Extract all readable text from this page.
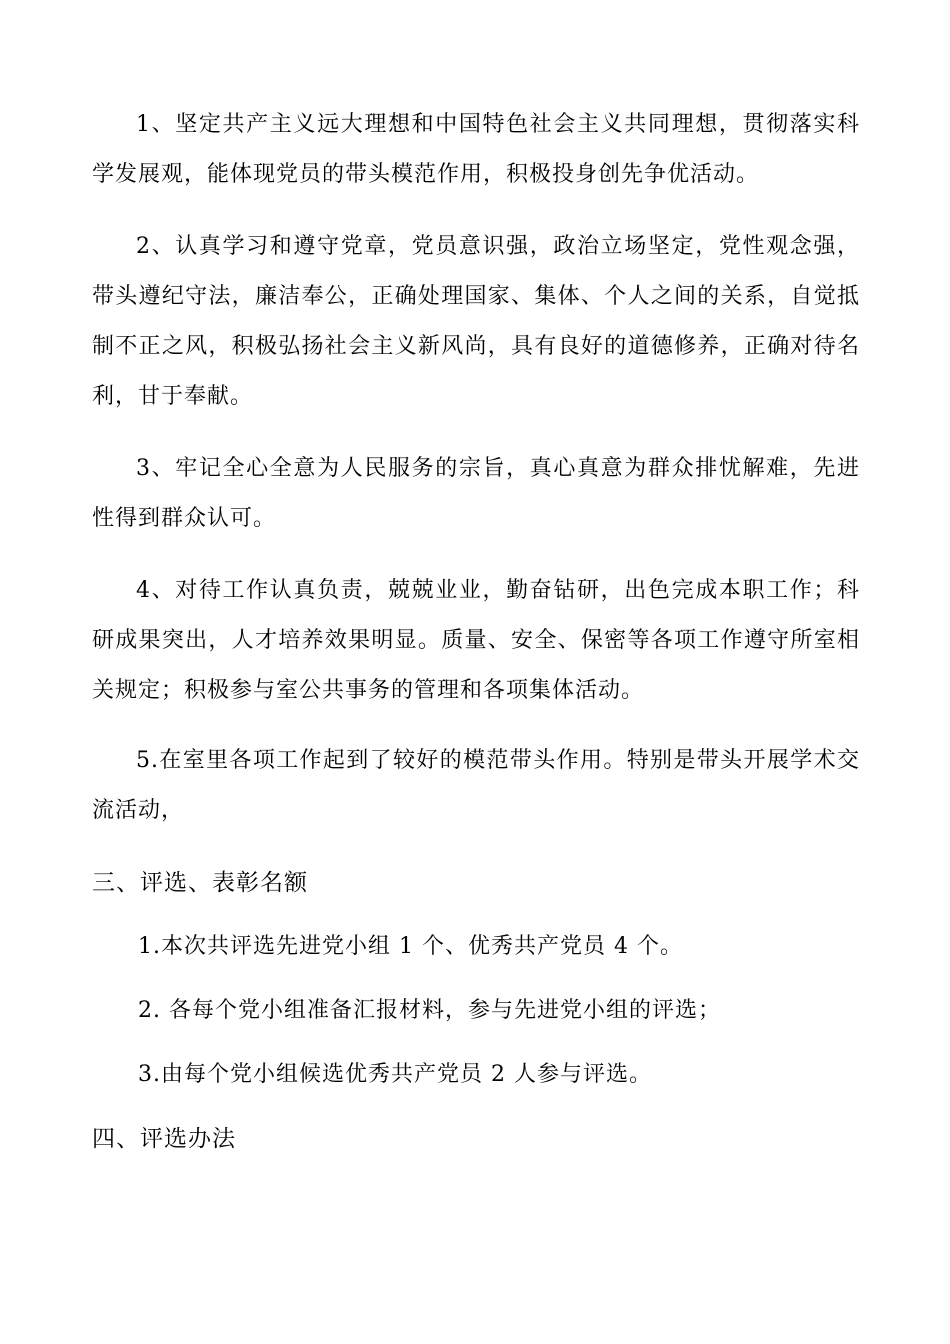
1、坚定共产主义远大理想和中国特色社会主义共同理想，贯彻落实科学发展观，能体现党员的带头模范作用，积极投身创先争优活动。

2、认真学习和遵守党章，党员意识强，政治立场坚定，党性观念强，带头遵纪守法，廉洁奉公，正确处理国家、集体、个人之间的关系，自觉抵制不正之风，积极弘扬社会主义新风尚，具有良好的道德修养，正确对待名利，甘于奉献。

3、牢记全心全意为人民服务的宗旨，真心真意为群众排忧解难，先进性得到群众认可。

4、对待工作认真负责，兢兢业业，勤奋钻研，出色完成本职工作；科研成果突出，人才培养效果明显。质量、安全、保密等各项工作遵守所室相关规定；积极参与室公共事务的管理和各项集体活动。

5.在室里各项工作起到了较好的模范带头作用。特别是带头开展学术交流活动，

三、评选、表彰名额

1.本次共评选先进党小组 1 个、优秀共产党员 4 个。

2. 各每个党小组准备汇报材料，参与先进党小组的评选；

3.由每个党小组候选优秀共产党员 2 人参与评选。

四、评选办法
